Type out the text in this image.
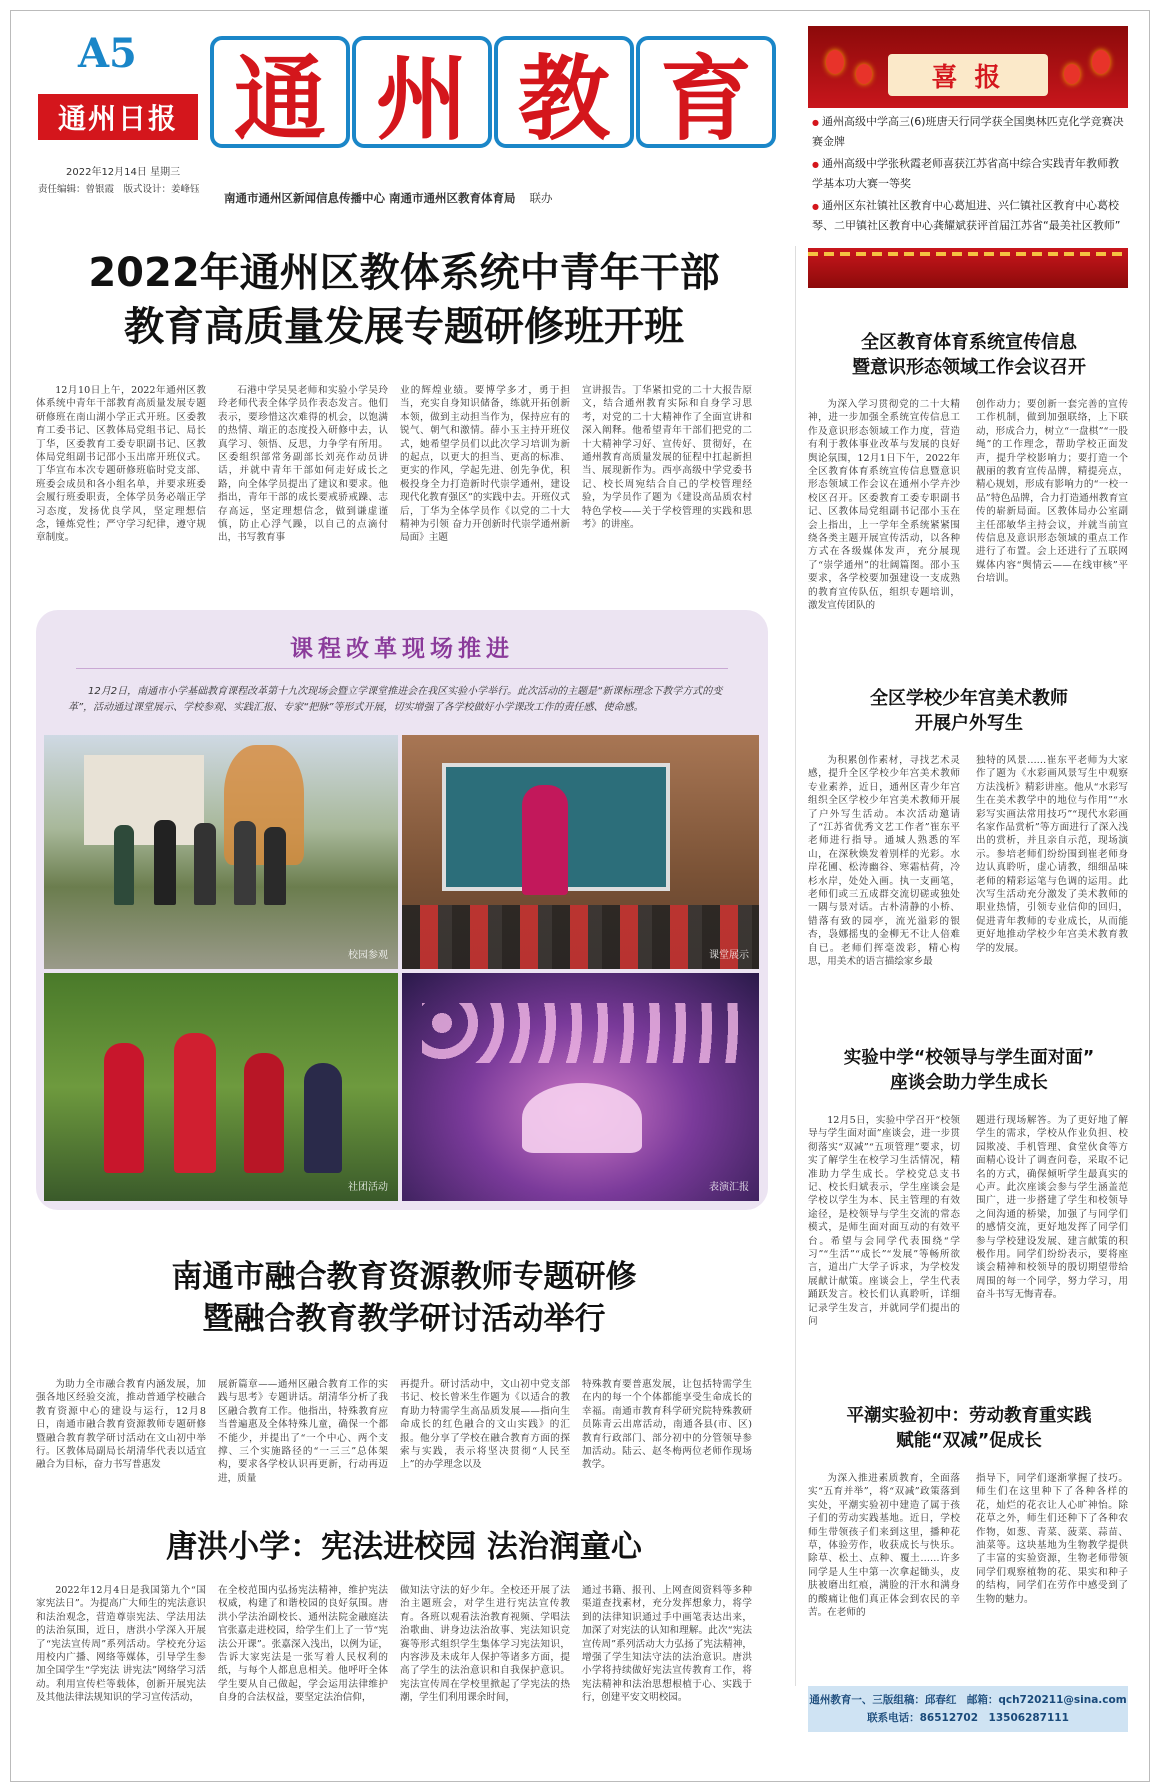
A5
通州日报
2022年12月14日 星期三
责任编辑：曾银霞　版式设计：姜峰钰
通 州 教 育
南通市通州区新闻信息传播中心 南通市通州区教育体育局 联办
喜 报
● 通州高级中学高三(6)班唐天行同学获全国奥林匹克化学竞赛决赛金牌
● 通州高级中学张秋霞老师喜获江苏省高中综合实践青年教师教学基本功大赛一等奖
● 通州区东社镇社区教育中心葛旭进、兴仁镇社区教育中心葛校琴、二甲镇社区教育中心龚耀斌获评首届江苏省“最美社区教师”
2022年通州区教体系统中青年干部
教育高质量发展专题研修班开班
12月10日上午，2022年通州区教体系统中青年干部教育高质量发展专题研修班在南山湖小学正式开班。区委教育工委书记、区教体局党组书记、局长丁华，区委教育工委专职副书记、区教体局党组副书记邵小玉出席开班仪式。丁华宣布本次专题研修班临时党支部、班委会成员和各小组名单，并要求班委会履行班委职责，全体学员务必端正学习态度，发扬优良学风，坚定理想信念，锤炼党性；严守学习纪律，遵守规章制度。
石港中学吴昊老师和实验小学吴玲玲老师代表全体学员作表态发言。他们表示，要珍惜这次难得的机会，以饱满的热情、端正的态度投入研修中去，认真学习、领悟、反思，力争学有所用。区委组织部常务副部长刘亮作动员讲话，并就中青年干部如何走好成长之路，向全体学员提出了建议和要求。他指出，青年干部的成长要戒骄戒躁、志存高远，坚定理想信念，做到谦虚谨慎，防止心浮气躁，以自己的点滴付出，书写教育事
业的辉煌业绩。要博学多才，勇于担当，充实自身知识储备，练就开拓创新本领，做到主动担当作为，保持应有的锐气、朝气和激情。薛小玉主持开班仪式，她希望学员们以此次学习培训为新的起点，以更大的担当、更高的标准、更实的作风，学起先进、创先争优，积极投身全力打造新时代崇学通州，建设现代化教育强区”的实践中去。开班仪式后，丁华为全体学员作《以党的二十大精神为引领 奋力开创新时代崇学通州新局面》主题
宣讲报告。丁华紧扣党的二十大报告原文，结合通州教育实际和自身学习思考，对党的二十大精神作了全面宣讲和深入阐释。他希望青年干部们把党的二十大精神学习好、宣传好、贯彻好，在通州教育高质量发展的征程中扛起新担当、展现新作为。西亭高级中学党委书记、校长周宛结合自己的学校管理经验，为学员作了题为《建设高品质农村特色学校——关于学校管理的实践和思考》的讲座。
课程改革现场推进
12月2日，南通市小学基础教育课程改革第十九次现场会暨立学课堂推进会在我区实验小学举行。此次活动的主题是“新课标理念下教学方式的变革”，活动通过课堂展示、学校参观、实践汇报、专家“把脉”等形式开展，切实增强了各学校做好小学课改工作的责任感、使命感。
校园参观	课堂展示
社团活动	表演汇报
南通市融合教育资源教师专题研修
暨融合教育教学研讨活动举行
为助力全市融合教育内涵发展，加强各地区经验交流，推动普通学校融合教育资源中心的建设与运行，12月8日，南通市融合教育资源教师专题研修暨融合教育教学研讨活动在文山初中举行。区教体局副局长胡清华代表以适宜融合为目标，奋力书写普惠发
展新篇章——通州区融合教育工作的实践与思考》专题讲话。胡清华分析了我区融合教育工作。他指出，特殊教育应当普遍惠及全体特殊儿童，确保一个都不能少，并提出了“一个中心、两个支撑、三个实施路径的“一三三”总体架构，要求各学校认识再更新，行动再迈进，质量
再提升。研讨活动中，文山初中党支部书记、校长曾米生作题为《以适合的教育助力特需学生高品质发展——指向生命成长的红色融合的文山实践》的汇报。他分享了学校在融合教育方面的探索与实践，表示将坚决贯彻“人民至上”的办学理念以及
特殊教育要普惠发展，让包括特需学生在内的每一个个体都能享受生命成长的幸福。南通市教育科学研究院特殊教研员陈青云出席活动，南通各县(市、区)教育行政部门、部分初中的分管领导参加活动。陆云、赵冬梅两位老师作现场教学。
唐洪小学：宪法进校园 法治润童心
2022年12月4日是我国第九个“国家宪法日”。为提高广大师生的宪法意识和法治观念，营造尊崇宪法、学法用法的法治氛围，近日，唐洪小学深入开展了“宪法宣传周”系列活动。学校充分运用校内广播、网络等媒体，引导学生参加全国学生“学宪法 讲宪法”网络学习活动。利用宣传栏等载体，创新开展宪法及其他法律法规知识的学习宣传活动，
在全校范围内弘扬宪法精神，维护宪法权威，构建了和谐校园的良好氛围。唐洪小学法治副校长、通州法院金融庭法官张嘉走进校园，给学生们上了一节“宪法公开课”。张嘉深入浅出，以例为证，告诉大家宪法是一张写着人民权利的纸，与每个人都息息相关。他呼吁全体学生要从自己做起，学会运用法律维护自身的合法权益，要坚定法治信仰，
做知法守法的好少年。全校还开展了法治主题班会，对学生进行宪法宣传教育。各班以观看法治教育视频、学唱法治歌曲、讲身边法治故事、宪法知识竞赛等形式组织学生集体学习宪法知识，内容涉及未成年人保护等诸多方面，提高了学生的法治意识和自我保护意识。宪法宣传周在学校里掀起了学宪法的热潮，学生们利用课余时间，
通过书籍、报刊、上网查阅资料等多种渠道查找素材，充分发挥想象力，将学到的法律知识通过手中画笔表达出来，加深了对宪法的认知和理解。此次“宪法宣传周”系列活动大力弘扬了宪法精神，增强了学生知法守法的法治意识。唐洪小学将持续做好宪法宣传教育工作，将宪法精神和法治思想根植于心、实践于行，创建平安文明校园。
全区教育体育系统宣传信息
暨意识形态领域工作会议召开
为深入学习贯彻党的二十大精神，进一步加强全系统宣传信息工作及意识形态领域工作力度，营造有利于教体事业改革与发展的良好舆论氛围，12月1日下午，2022年全区教育体育系统宣传信息暨意识形态领域工作会议在通州小学卉沙校区召开。区委教育工委专职副书记、区教体局党组副书记邵小玉在会上指出，上一学年全系统紧紧围绕各类主题开展宣传活动，以各种方式在各级媒体发声，充分展现了“崇学通州”的壮阔篇图。邵小玉要求，各学校要加强建设一支成熟的教育宣传队伍，组织专题培训，激发宣传团队的
创作动力；要创新一套完善的宣传工作机制，做到加强联络，上下联动，形成合力，树立“一盘棋”“一股绳”的工作理念，帮助学校正面发声，提升学校影响力；要打造一个靓丽的教育宣传品牌，精提亮点，精心规划，形成有影响力的“一校一品”特色品牌，合力打造通州教育宣传的崭新局面。区教体局办公室副主任邵敏华主持会议，并就当前宣传信息及意识形态领域的重点工作进行了布置。会上还进行了五联网媒体内容“舆情云——在线审核”平台培训。
全区学校少年宫美术教师
开展户外写生
为积累创作素材，寻找艺术灵感，提升全区学校少年宫美术教师专业素养，近日，通州区青少年宫组织全区学校少年宫美术教师开展了户外写生活动。本次活动邀请了“江苏省优秀文艺工作者”崔东平老师进行指导。通城人熟悉的军山，在深秋焕发着别样的光彩。水岸花圃、松涛幽谷、寒霜枯荷，冷杉水岸，处处入画。执一支画笔，老师们或三五成群交流切磋或独处一隅与景对话。古朴清静的小桥、错落有致的园亭，流光溢彩的银杏，袅娜摇曳的金柳无不让人倍难自已。老师们挥毫泼彩，精心构思，用美术的语言描绘家乡最
独特的风景……崔东平老师为大家作了题为《水彩画风景写生中观察方法浅析》精彩讲座。他从“水彩写生在美术教学中的地位与作用”“水彩写实画法常用技巧”“现代水彩画名家作品赏析”等方面进行了深入浅出的赏析，并且亲自示范，现场演示。参培老师们纷纷围到崔老师身边认真聆听，虚心请教，细细品味老师的精彩运笔与色调的运用。此次写生活动充分激发了美术教师的职业热情，引领专业信仰的回归，促进青年教师的专业成长，从而能更好地推动学校少年宫美术教育教学的发展。
实验中学“校领导与学生面对面”
座谈会助力学生成长
12月5日，实验中学召开“校领导与学生面对面”座谈会，进一步贯彻落实“双减”“五项管理”要求，切实了解学生在校学习生活情况，精准助力学生成长。学校党总支书记、校长归斌表示，学生座谈会是学校以学生为本、民主管理的有效途径，是校领导与学生交流的常态模式，是师生面对面互动的有效平台。希望与会同学代表围绕“学习”“生活”“成长”“发展”等畅所欲言，道出广大学子诉求，为学校发展献计献策。座谈会上，学生代表踊跃发言。校长们认真聆听，详细记录学生发言，并就同学们提出的问
题进行现场解答。为了更好地了解学生的需求，学校从作业负担、校园欺凌、手机管理、食堂伙食等方面精心设计了调查问卷，采取不记名的方式，确保倾听学生最真实的心声。此次座谈会参与学生涵盖范围广，进一步搭建了学生和校领导之间沟通的桥梁，加强了与同学们的感情交流，更好地发挥了同学们参与学校建设发展、建言献策的积极作用。同学们纷纷表示，要将座谈会精神和校领导的殷切期望带给周围的每一个同学，努力学习，用奋斗书写无悔青春。
平潮实验初中：劳动教育重实践
赋能“双减”促成长
为深入推进素质教育，全面落实“五育并举”，将“双减”政策落到实处，平潮实验初中建造了属于孩子们的劳动实践基地。近日，学校师生带领孩子们来到这里，播种花草，体验劳作，收获成长与快乐。除草、松土、点种、覆土……许多同学是人生中第一次拿起锄头，皮肤被磨出红痕，满脸的汗水和满身的酸痛让他们真正体会到农民的辛苦。在老师的
指导下，同学们逐渐掌握了技巧。师生们在这里种下了各种各样的花，灿烂的花衣让人心旷神怡。除花草之外，师生们还种下了各种农作物，如葱、青菜、菠菜、蒜苗、油菜等。这块基地为生物教学提供了丰富的实验资源，生物老师带领同学们观察植物的花、果实和种子的结构，同学们在劳作中感受到了生物的魅力。
通州教育一、三版组稿：邱春红　邮箱：qch720211@sina.com
联系电话：86512702　13506287111
